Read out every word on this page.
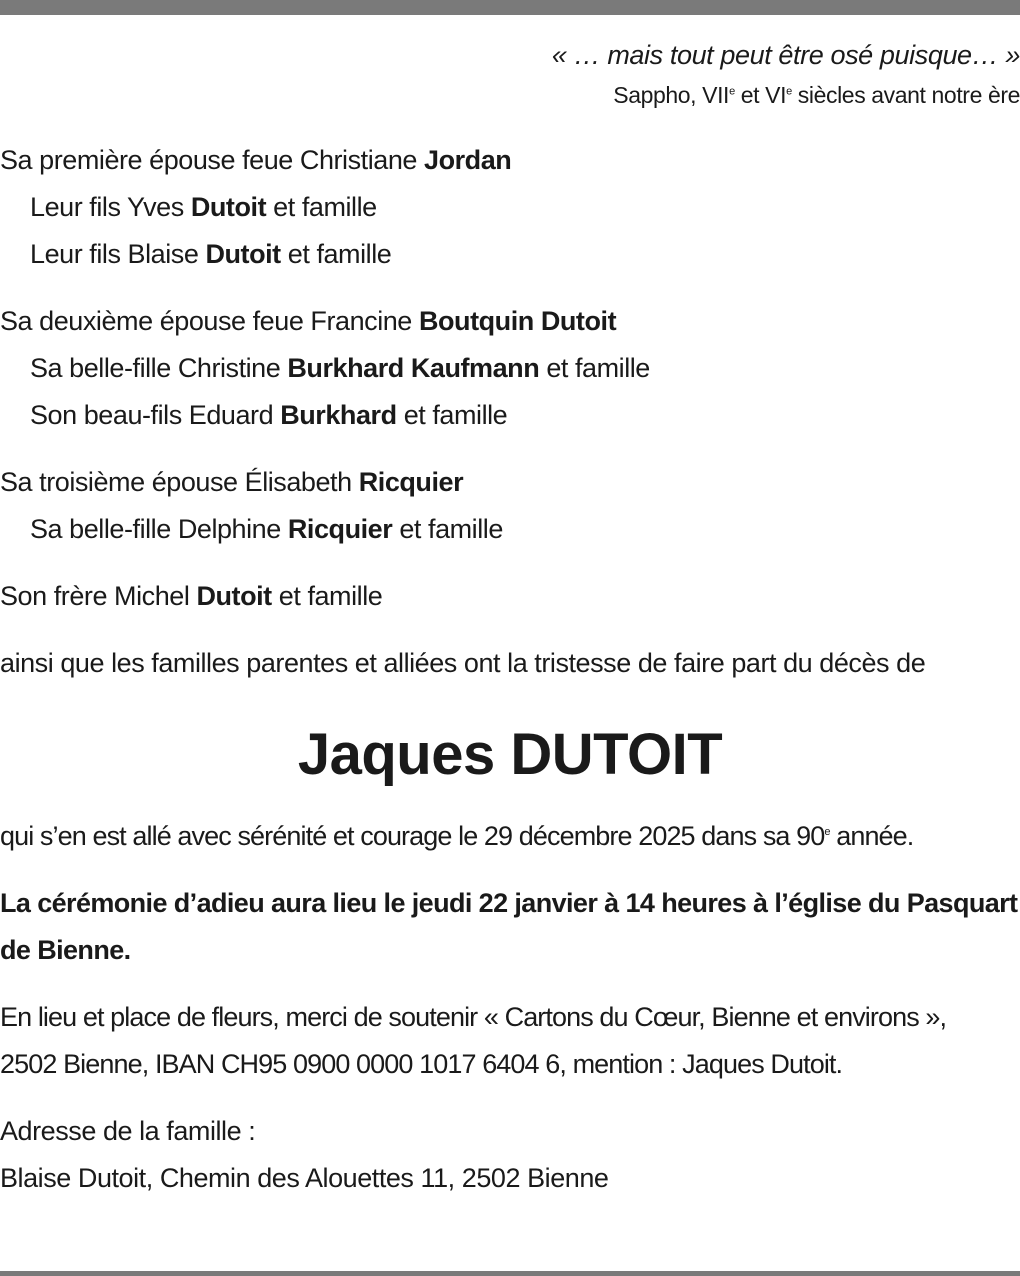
« … mais tout peut être osé puisque… »
Sappho, VIIe et VIe siècles avant notre ère
Sa première épouse feue Christiane Jordan
Leur fils Yves Dutoit et famille
Leur fils Blaise Dutoit et famille
Sa deuxième épouse feue Francine Boutquin Dutoit
Sa belle-fille Christine Burkhard Kaufmann et famille
Son beau-fils Eduard Burkhard et famille
Sa troisième épouse Élisabeth Ricquier
Sa belle-fille Delphine Ricquier et famille
Son frère Michel Dutoit et famille
ainsi que les familles parentes et alliées ont la tristesse de faire part du décès de
Jaques DUTOIT
qui s’en est allé avec sérénité et courage le 29 décembre 2025 dans sa 90e année.
La cérémonie d’adieu aura lieu le jeudi 22 janvier à 14 heures à l’église du Pasquart de Bienne.
En lieu et place de fleurs, merci de soutenir « Cartons du Cœur, Bienne et environs »,
2502 Bienne, IBAN CH95 0900 0000 1017 6404 6, mention : Jaques Dutoit.
Adresse de la famille :
Blaise Dutoit, Chemin des Alouettes 11, 2502 Bienne
